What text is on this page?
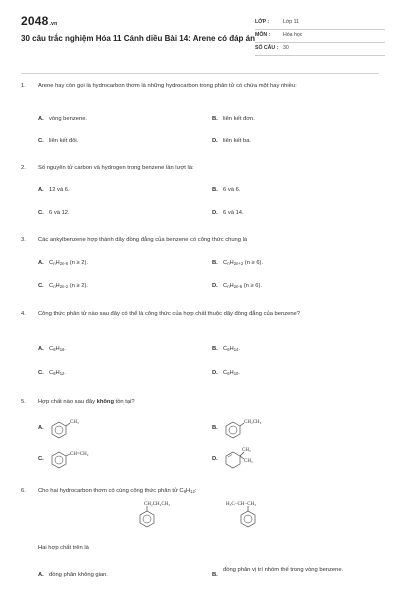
2048.vn
30 câu trắc nghiệm Hóa 11 Cánh diều Bài 14: Arene có đáp án
LỚP :	Lớp 11
MÔN : Hóa học
SỐ CÂU : 30
1. Arene hay còn gọi là hydrocarbon thơm là những hydrocarbon trong phân tử có chứa một hay nhiều:
A. vòng benzene.	B. liên kết đơn.
C. liên kết đôi.	D. liên kết ba.
2. Số nguyên tử carbon và hydrogen trong benzene lần lượt là:
A. 12 và 6.	B. 6 và 6.
C. 6 và 12.	D. 6 và 14.
3. Các ankylbenzene hợp thành dãy đồng đẳng của benzene có công thức chung là
A. $C_nH_{2n-6}$ (n ≥ 2).	B. $C_nH_{2n+2}$ (n ≥ 6).
C. $C_nH_{2n-2}$ (n ≥ 2).	D. $C_nH_{2n-6}$ (n ≥ 6).
4. Công thức phân tử nào sau đây có thể là công thức của hợp chất thuộc dãy đồng đẳng của benzene?
A. $C_6H_{16}$.	B. $C_6H_{14}$.
C. $C_6H_{12}$.	D. $C_6H_{10}$.
5. Hợp chất nào sau đây không tồn tại?
A.
CH₃
B.
CH₂CH₃
C.
CH=CH₂
D.
CH₃
CH₃
6. Cho hai hydrocarbon thơm có cùng công thức phân tử $C_9H_{12}$:
CH₂CH₂CH₃	H₃C−CH−CH₃
Hai hợp chất trên là
A. đồng phân không gian.	B.
đồng phân vị trí nhóm thế trong vòng benzene.
